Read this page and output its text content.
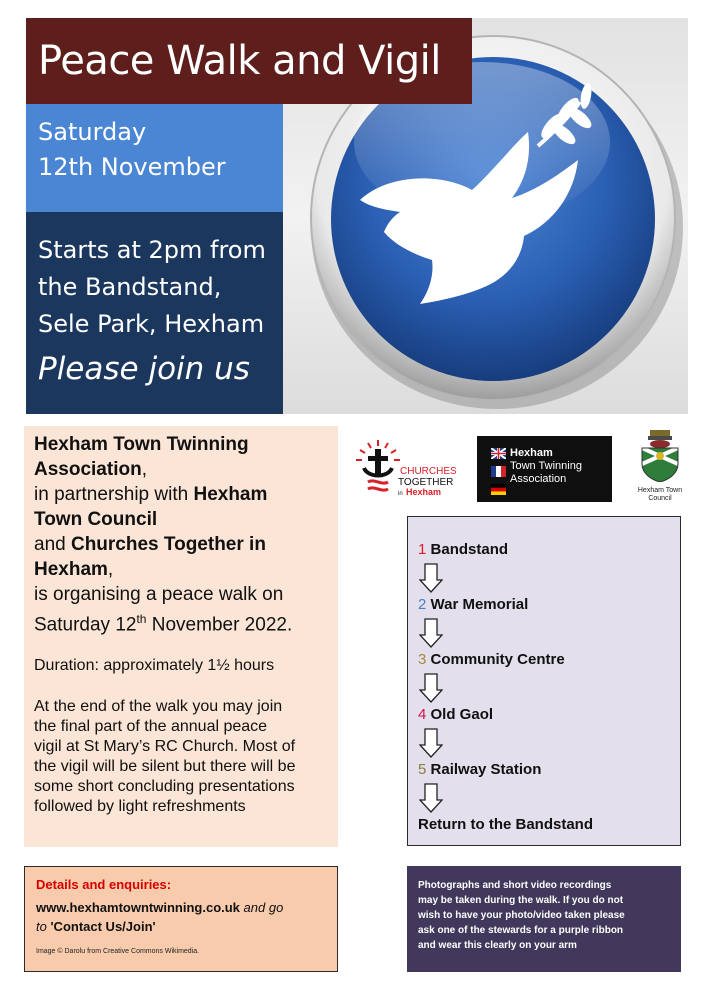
Peace Walk and Vigil
Saturday
12th November
Starts at 2pm from
the Bandstand,
Sele Park, Hexham
Please join us
Hexham Town Twinning
Association,
in partnership with Hexham
Town Council
and Churches Together in
Hexham,
is organising a peace walk on
Saturday 12th November 2022.
Duration: approximately 1½ hours
At the end of the walk you may join
the final part of the annual peace
vigil at St Mary’s RC Church. Most of
the vigil will be silent but there will be
some short concluding presentations
followed by light refreshments
CHURCHES
TOGETHER
in Hexham

Hexham
Town Twinning
Association
Hexham Town
Council
1 Bandstand
2 War Memorial
3 Community Centre
4 Old Gaol
5 Railway Station
Return to the Bandstand
Details and enquiries:
www.hexhamtowntwinning.co.uk and go
to 'Contact Us/Join'
Image © Darolu from Creative Commons Wikimedia.
Photographs and short video recordings
may be taken during the walk. If you do not
wish to have your photo/video taken please
ask one of the stewards for a purple ribbon
and wear this clearly on your arm
